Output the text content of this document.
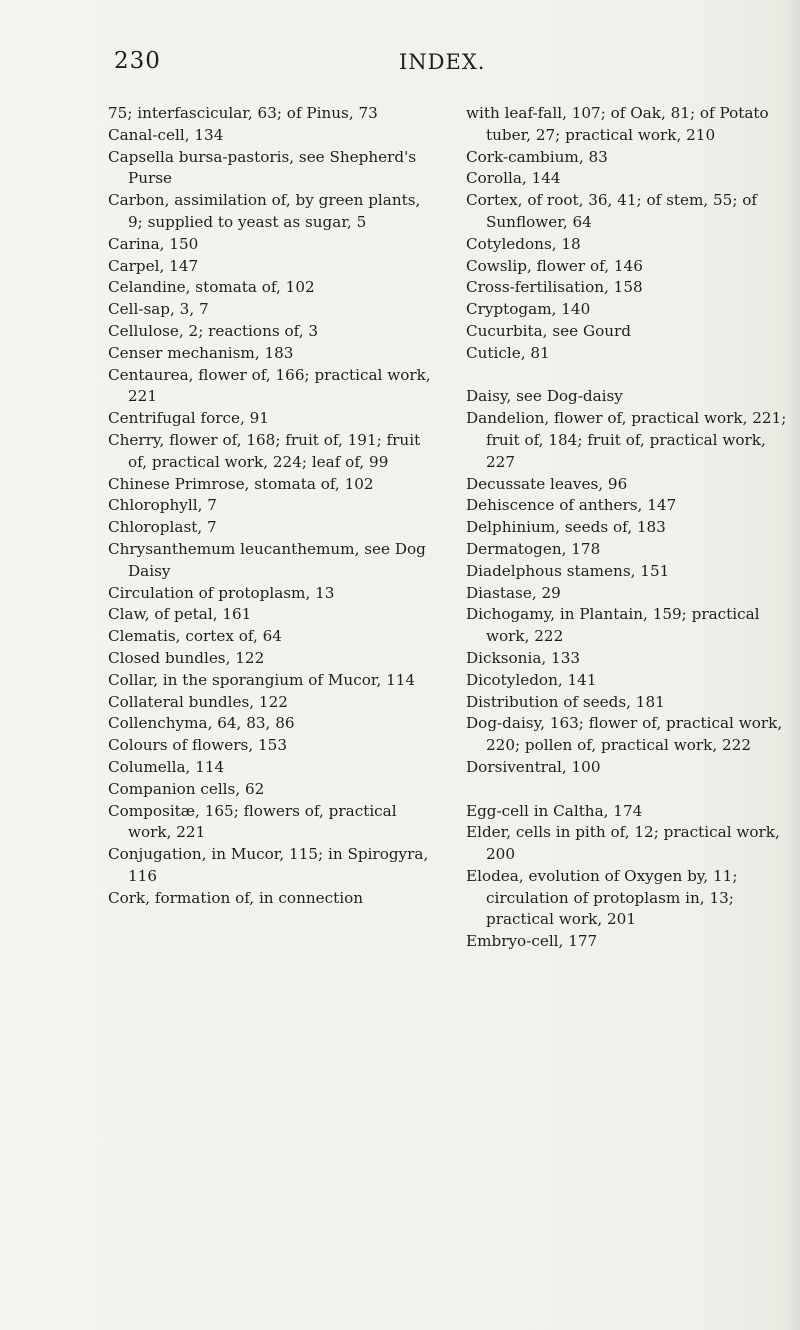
230	INDEX.

75; interfascicular, 63; of Pinus, 73

Canal-cell, 134

Capsella bursa-pastoris, see Shepherd's Purse

Carbon, assimilation of, by green plants, 9; supplied to yeast as sugar, 5

Carina, 150

Carpel, 147

Celandine, stomata of, 102

Cell-sap, 3, 7

Cellulose, 2; reactions of, 3

Censer mechanism, 183

Centaurea, flower of, 166; practical work, 221

Centrifugal force, 91

Cherry, flower of, 168; fruit of, 191; fruit of, practical work, 224; leaf of, 99

Chinese Primrose, stomata of, 102

Chlorophyll, 7

Chloroplast, 7

Chrysanthemum leucanthemum, see Dog Daisy

Circulation of protoplasm, 13

Claw, of petal, 161

Clematis, cortex of, 64

Closed bundles, 122

Collar, in the sporangium of Mucor, 114

Collateral bundles, 122

Collenchyma, 64, 83, 86

Colours of flowers, 153

Columella, 114

Companion cells, 62

Compositæ, 165; flowers of, practical work, 221

Conjugation, in Mucor, 115; in Spirogyra, 116

Cork, formation of, in connection

with leaf-fall, 107; of Oak, 81; of Potato tuber, 27; practical work, 210

Cork-cambium, 83

Corolla, 144

Cortex, of root, 36, 41; of stem, 55; of Sunflower, 64

Cotyledons, 18

Cowslip, flower of, 146

Cross-fertilisation, 158

Cryptogam, 140

Cucurbita, see Gourd

Cuticle, 81

Daisy, see Dog-daisy

Dandelion, flower of, practical work, 221; fruit of, 184; fruit of, practical work, 227

Decussate leaves, 96

Dehiscence of anthers, 147

Delphinium, seeds of, 183

Dermatogen, 178

Diadelphous stamens, 151

Diastase, 29

Dichogamy, in Plantain, 159; practical work, 222

Dicksonia, 133

Dicotyledon, 141

Distribution of seeds, 181

Dog-daisy, 163; flower of, practical work, 220; pollen of, practical work, 222

Dorsiventral, 100

Egg-cell in Caltha, 174

Elder, cells in pith of, 12; practical work, 200

Elodea, evolution of Oxygen by, 11; circulation of protoplasm in, 13; practical work, 201

Embryo-cell, 177
